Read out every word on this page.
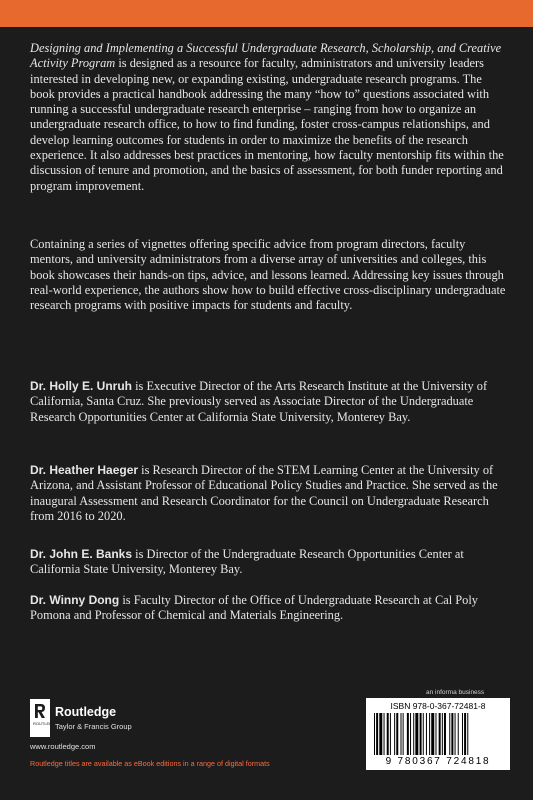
Designing and Implementing a Successful Undergraduate Research, Scholarship, and Creative Activity Program is designed as a resource for faculty, administrators and university leaders interested in developing new, or expanding existing, undergraduate research programs. The book provides a practical handbook addressing the many “how to” questions associated with running a successful undergraduate research enterprise – ranging from how to organize an undergraduate research office, to how to find funding, foster cross-campus relationships, and develop learning outcomes for students in order to maximize the benefits of the research experience. It also addresses best practices in mentoring, how faculty mentorship fits within the discussion of tenure and promotion, and the basics of assessment, for both funder reporting and program improvement.
Containing a series of vignettes offering specific advice from program directors, faculty mentors, and university administrators from a diverse array of universities and colleges, this book showcases their hands-on tips, advice, and lessons learned. Addressing key issues through real-world experience, the authors show how to build effective cross-disciplinary undergraduate research programs with positive impacts for students and faculty.
Dr. Holly E. Unruh is Executive Director of the Arts Research Institute at the University of California, Santa Cruz. She previously served as Associate Director of the Undergraduate Research Opportunities Center at California State University, Monterey Bay.
Dr. Heather Haeger is Research Director of the STEM Learning Center at the University of Arizona, and Assistant Professor of Educational Policy Studies and Practice. She served as the inaugural Assessment and Research Coordinator for the Council on Undergraduate Research from 2016 to 2020.
Dr. John E. Banks is Director of the Undergraduate Research Opportunities Center at California State University, Monterey Bay.
Dr. Winny Dong is Faculty Director of the Office of Undergraduate Research at Cal Poly Pomona and Professor of Chemical and Materials Engineering.
an informa business
ROUTLEDGE
Routledge
Taylor & Francis Group
www.routledge.com
Routledge titles are available as eBook editions in a range of digital formats
ISBN 978-0-367-72481-8
9 780367 724818
